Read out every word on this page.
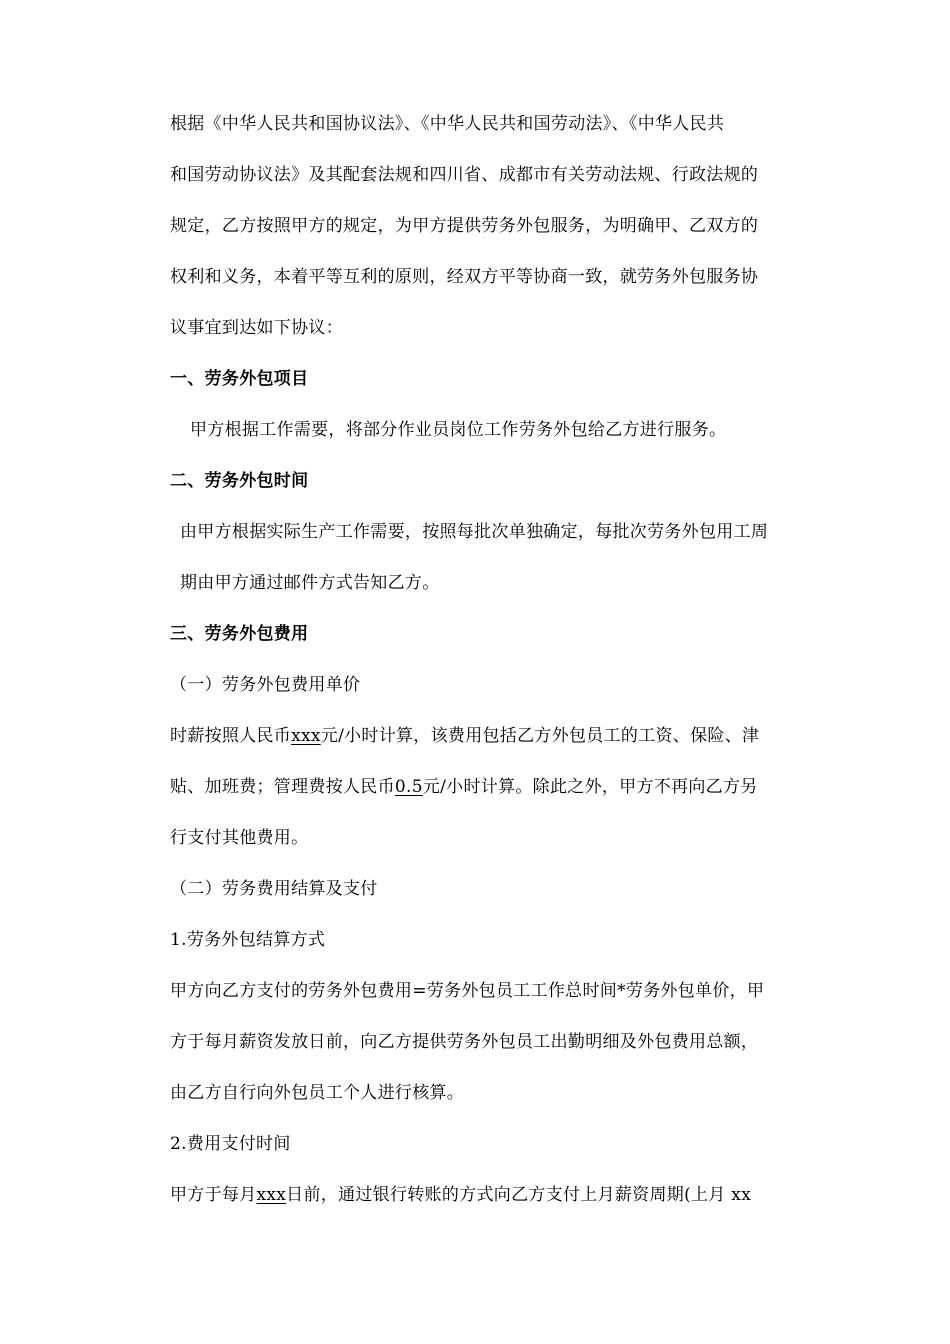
根据《中华人民共和国协议法》、《中华人民共和国劳动法》、《中华人民共
和国劳动协议法》及其配套法规和四川省、成都市有关劳动法规、行政法规的
规定，乙方按照甲方的规定，为甲方提供劳务外包服务，为明确甲、乙双方的
权利和义务，本着平等互利的原则，经双方平等协商一致，就劳务外包服务协
议事宜到达如下协议：
一、劳务外包项目
甲方根据工作需要，将部分作业员岗位工作劳务外包给乙方进行服务。
二、劳务外包时间
由甲方根据实际生产工作需要，按照每批次单独确定，每批次劳务外包用工周
期由甲方通过邮件方式告知乙方。
三、劳务外包费用
（一）劳务外包费用单价
时薪按照人民币xxx元/小时计算，该费用包括乙方外包员工的工资、保险、津
贴、加班费；管理费按人民币0.5元/小时计算。除此之外，甲方不再向乙方另
行支付其他费用。
（二）劳务费用结算及支付
1.劳务外包结算方式
甲方向乙方支付的劳务外包费用=劳务外包员工工作总时间*劳务外包单价，甲
方于每月薪资发放日前，向乙方提供劳务外包员工出勤明细及外包费用总额，
由乙方自行向外包员工个人进行核算。
2.费用支付时间
甲方于每月xxx日前，通过银行转账的方式向乙方支付上月薪资周期(上月 xx
